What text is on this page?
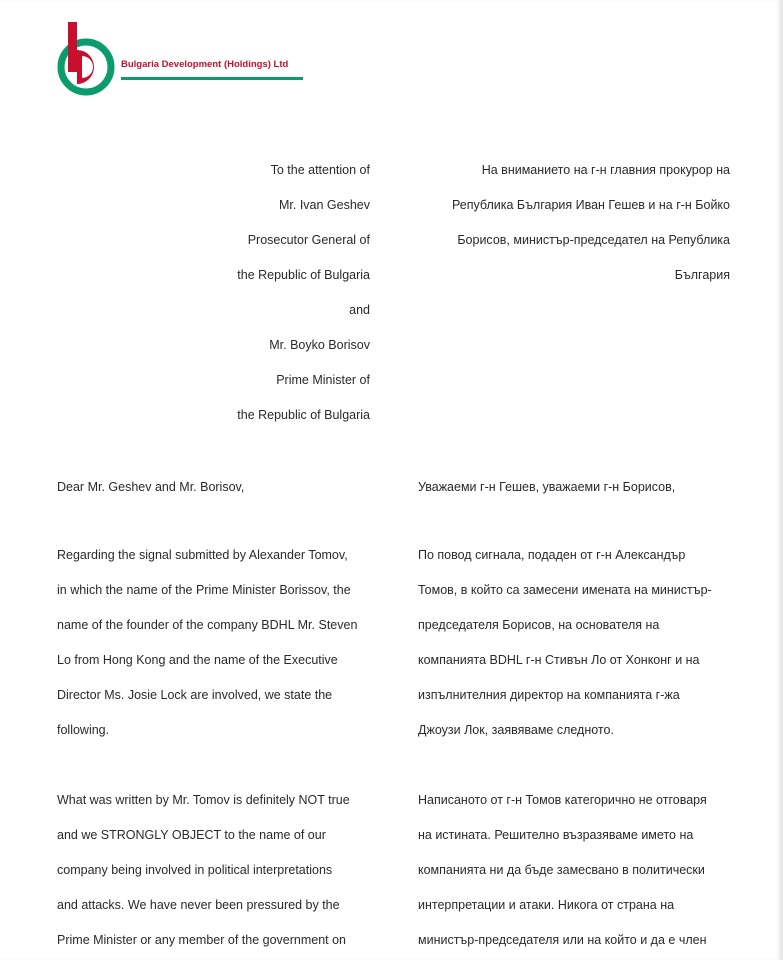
Bulgaria Development (Holdings) Ltd
To the attention of
Mr. Ivan Geshev
Prosecutor General of
the Republic of Bulgaria
and
Mr. Boyko Borisov
Prime Minister of
the Republic of Bulgaria
На вниманието на г-н главния прокурор на
Република България Иван Гешев и на г-н Бойко
Борисов, министър-председател на Република
България
Dear Mr. Geshev and Mr. Borisov,	Уважаеми г-н Гешев, уважаеми г-н Борисов,
Regarding the signal submitted by Alexander Tomov,
in which the name of the Prime Minister Borissov, the
name of the founder of the company BDHL Mr. Steven
Lo from Hong Kong and the name of the Executive
Director Ms. Josie Lock are involved, we state the
following.
По повод сигнала, подаден от г-н Александър
Томов, в който са замесени имената на министър-
председателя Борисов, на основателя на
компанията BDHL г-н Стивън Ло от Хонконг и на
изпълнителния директор на компанията г-жа
Джоузи Лок, заявяваме следното.
What was written by Mr. Tomov is definitely NOT true
and we STRONGLY OBJECT to the name of our
company being involved in political interpretations
and attacks. We have never been pressured by the
Prime Minister or any member of the government on
Написаното от г-н Томов категорично не отговаря
на истината. Решително възразяваме името на
компанията ни да бъде замесвано в политически
интерпретации и атаки. Никога от страна на
министър-председателя или на който и да е член
